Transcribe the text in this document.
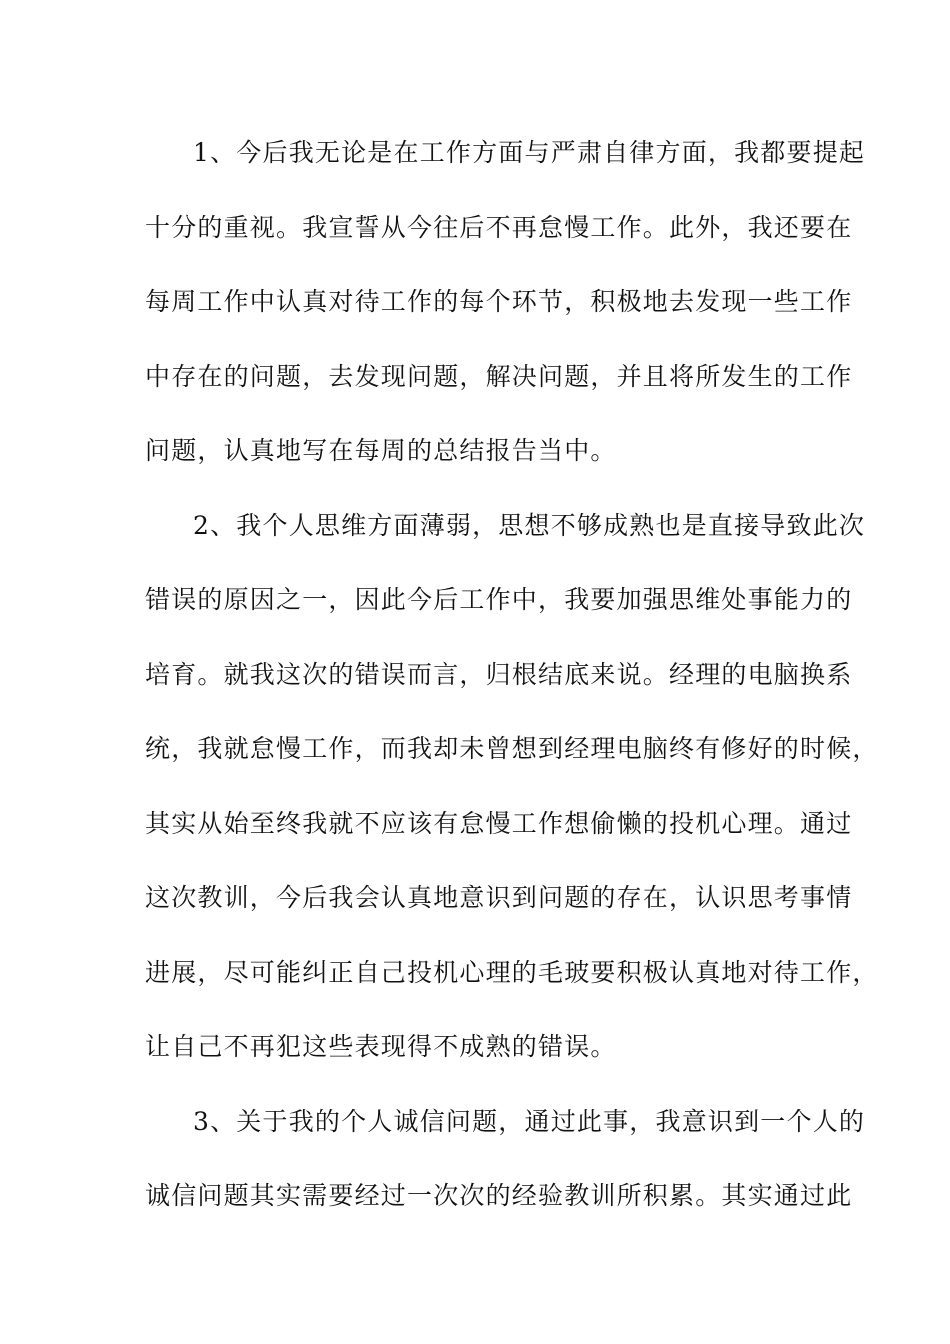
1、今后我无论是在工作方面与严肃自律方面，我都要提起
十分的重视。我宣誓从今往后不再怠慢工作。此外，我还要在
每周工作中认真对待工作的每个环节，积极地去发现一些工作
中存在的问题，去发现问题，解决问题，并且将所发生的工作
问题，认真地写在每周的总结报告当中。
2、我个人思维方面薄弱，思想不够成熟也是直接导致此次
错误的原因之一，因此今后工作中，我要加强思维处事能力的
培育。就我这次的错误而言，归根结底来说。经理的电脑换系
统，我就怠慢工作，而我却未曾想到经理电脑终有修好的时候，
其实从始至终我就不应该有怠慢工作想偷懒的投机心理。通过
这次教训，今后我会认真地意识到问题的存在，认识思考事情
进展，尽可能纠正自己投机心理的毛玻要积极认真地对待工作，
让自己不再犯这些表现得不成熟的错误。
3、关于我的个人诚信问题，通过此事，我意识到一个人的
诚信问题其实需要经过一次次的经验教训所积累。其实通过此
